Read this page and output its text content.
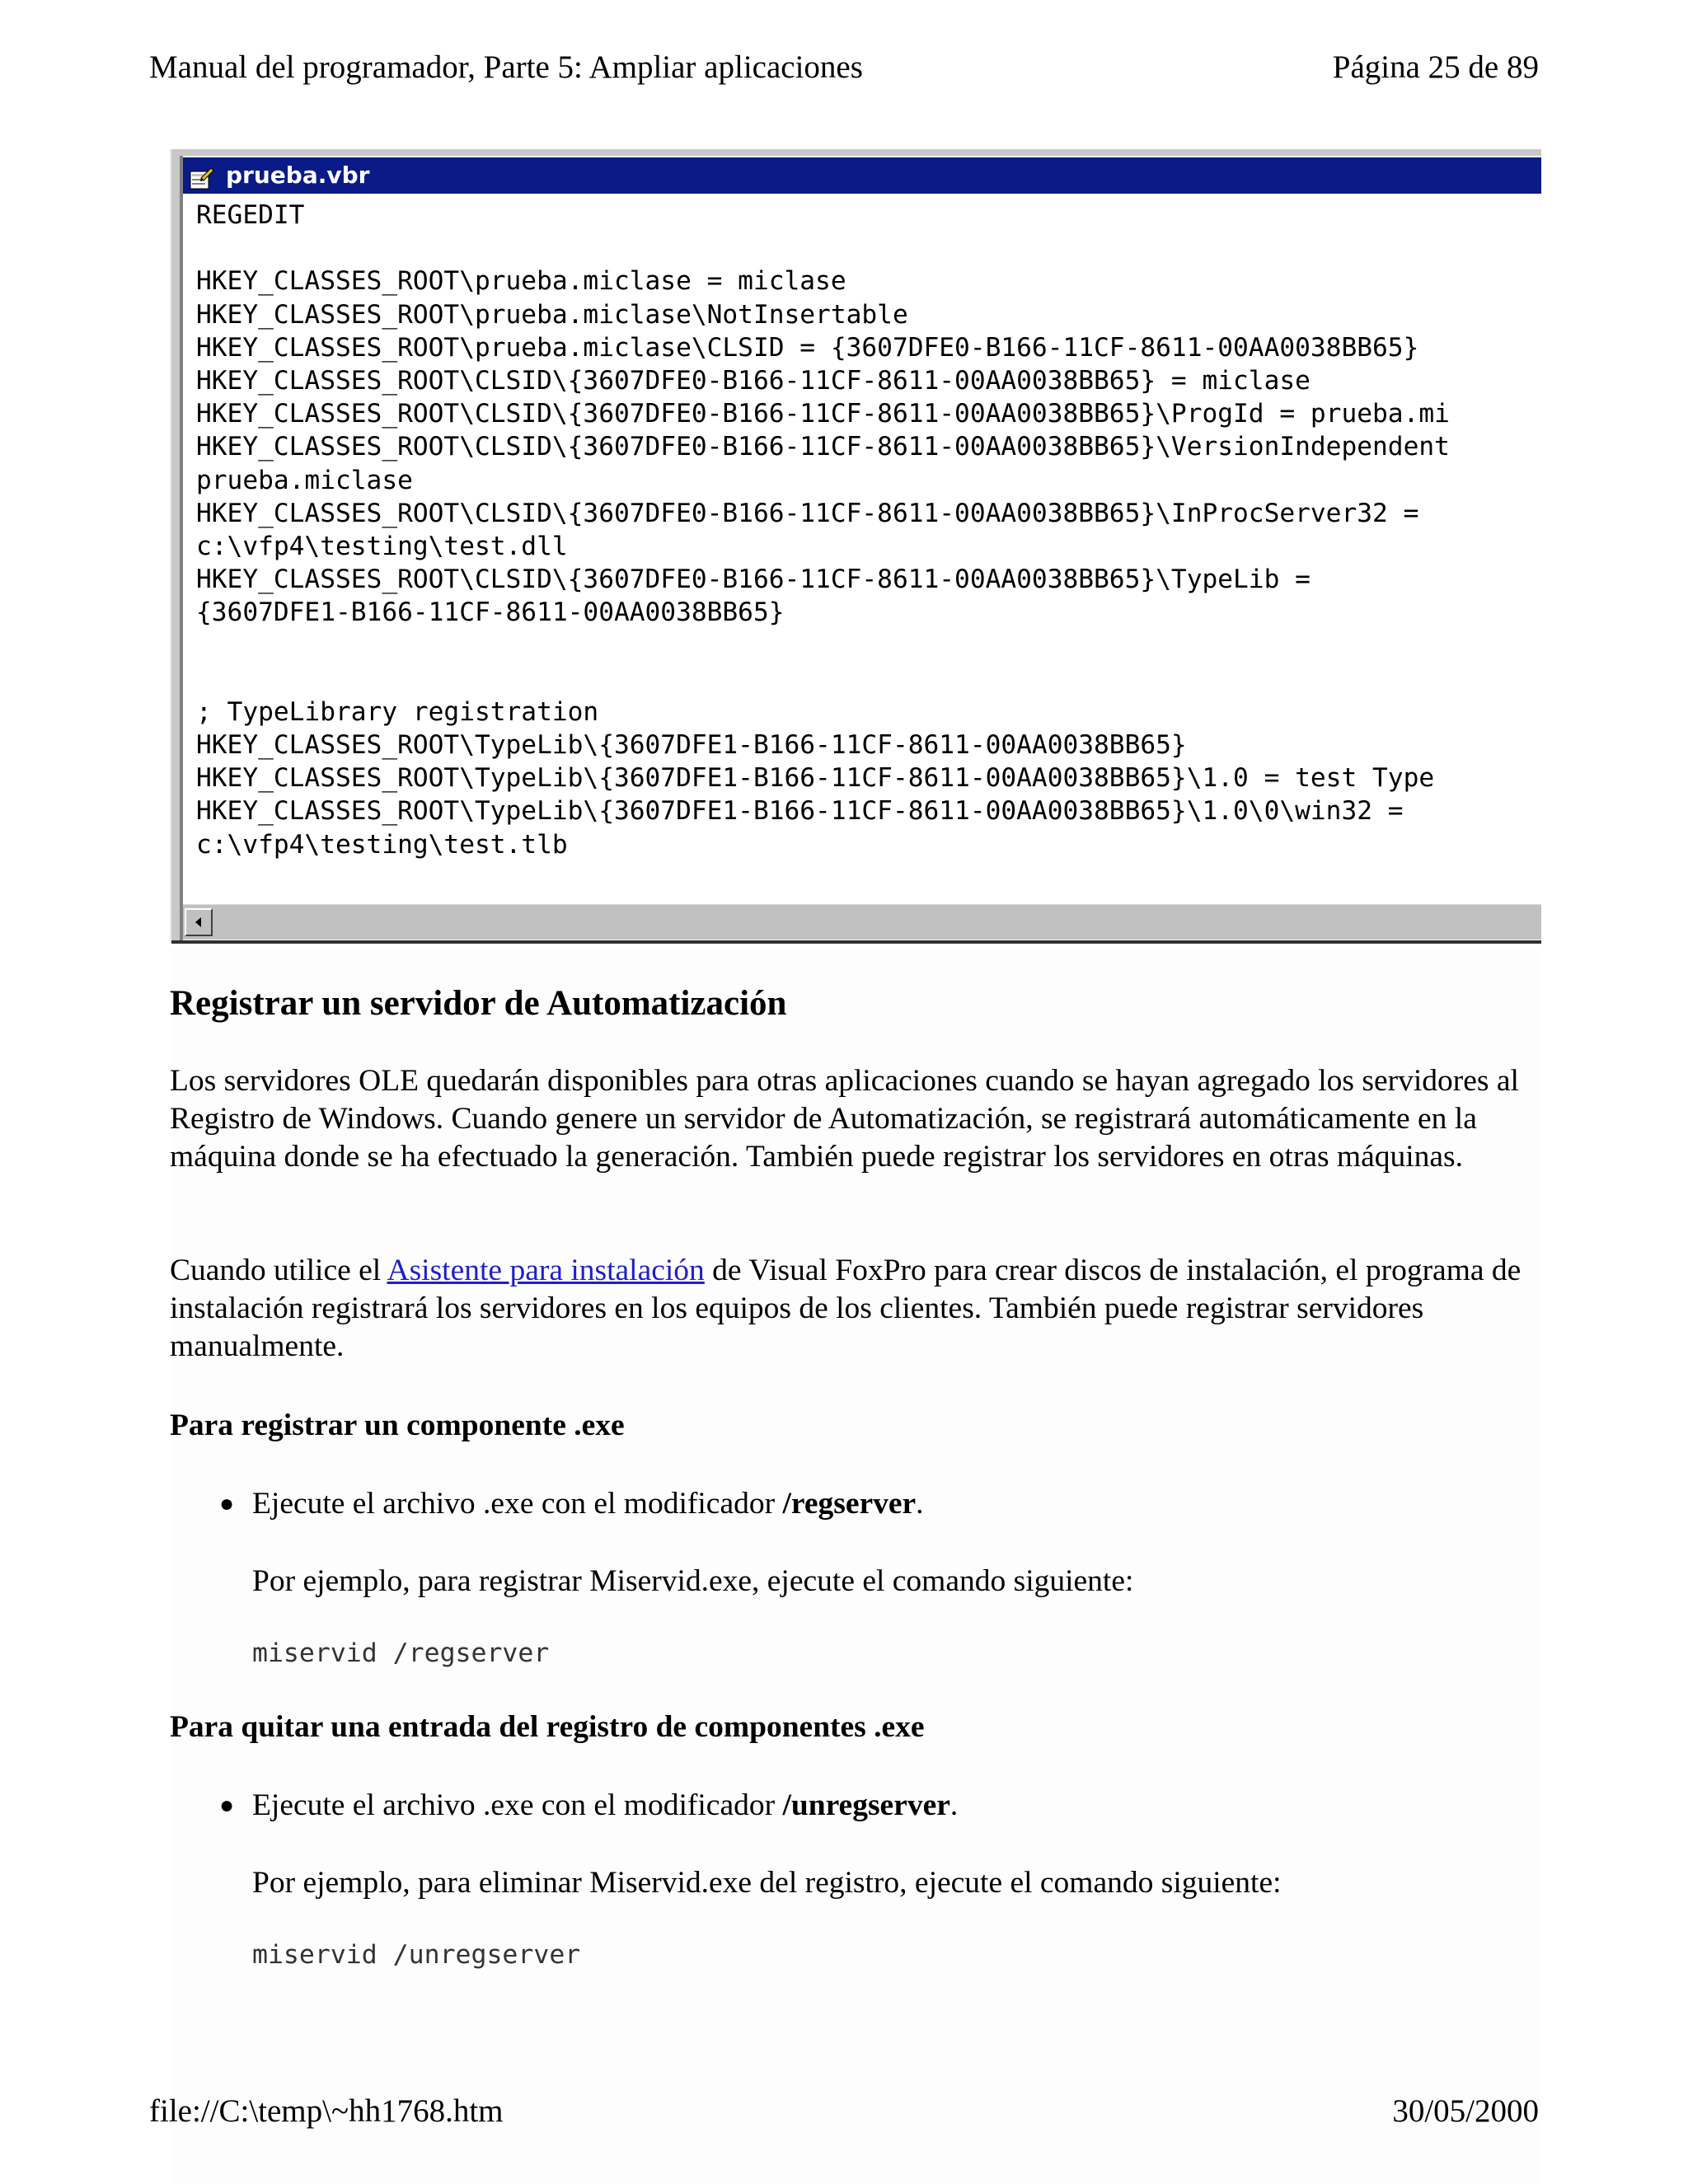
Manual del programador, Parte 5: Ampliar aplicaciones	Página 25 de 89
prueba.vbr
REGEDIT
HKEY_CLASSES_ROOT\prueba.miclase = miclase
HKEY_CLASSES_ROOT\prueba.miclase\NotInsertable
HKEY_CLASSES_ROOT\prueba.miclase\CLSID = {3607DFE0-B166-11CF-8611-00AA0038BB65}
HKEY_CLASSES_ROOT\CLSID\{3607DFE0-B166-11CF-8611-00AA0038BB65} = miclase
HKEY_CLASSES_ROOT\CLSID\{3607DFE0-B166-11CF-8611-00AA0038BB65}\ProgId = prueba.mi
HKEY_CLASSES_ROOT\CLSID\{3607DFE0-B166-11CF-8611-00AA0038BB65}\VersionIndependent
prueba.miclase
HKEY_CLASSES_ROOT\CLSID\{3607DFE0-B166-11CF-8611-00AA0038BB65}\InProcServer32 =
c:\vfp4\testing\test.dll
HKEY_CLASSES_ROOT\CLSID\{3607DFE0-B166-11CF-8611-00AA0038BB65}\TypeLib =
{3607DFE1-B166-11CF-8611-00AA0038BB65}
; TypeLibrary registration
HKEY_CLASSES_ROOT\TypeLib\{3607DFE1-B166-11CF-8611-00AA0038BB65}
HKEY_CLASSES_ROOT\TypeLib\{3607DFE1-B166-11CF-8611-00AA0038BB65}\1.0 = test Type
HKEY_CLASSES_ROOT\TypeLib\{3607DFE1-B166-11CF-8611-00AA0038BB65}\1.0\0\win32 =
c:\vfp4\testing\test.tlb
Registrar un servidor de Automatización

Los servidores OLE quedarán disponibles para otras aplicaciones cuando se hayan agregado los servidores al Registro de Windows. Cuando genere un servidor de Automatización, se registrará automáticamente en la máquina donde se ha efectuado la generación. También puede registrar los servidores en otras máquinas.

Cuando utilice el Asistente para instalación de Visual FoxPro para crear discos de instalación, el programa de instalación registrará los servidores en los equipos de los clientes. También puede registrar servidores manualmente.

Para registrar un componente .exe
● Ejecute el archivo .exe con el modificador /regserver.
Por ejemplo, para registrar Miservid.exe, ejecute el comando siguiente:
miservid /regserver
Para quitar una entrada del registro de componentes .exe
● Ejecute el archivo .exe con el modificador /unregserver.
Por ejemplo, para eliminar Miservid.exe del registro, ejecute el comando siguiente:
miservid /unregserver
file://C:\temp\~hh1768.htm	30/05/2000
